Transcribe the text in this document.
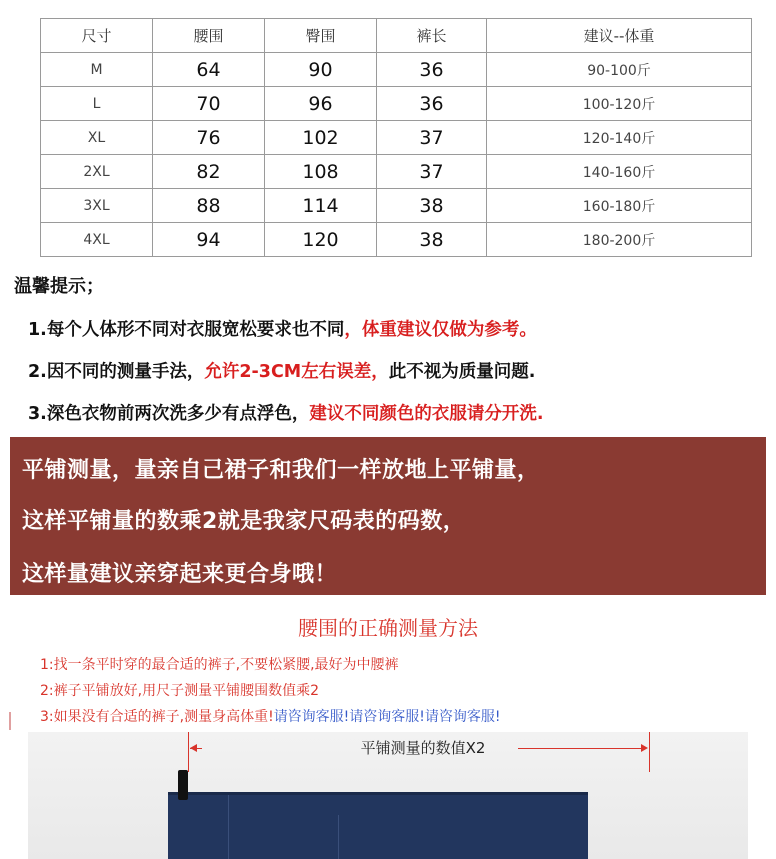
尺寸	腰围	臀围	裤长	建议--体重
M	64	90	36	90-100斤
L	70	96	36	100-120斤
XL	76	102	37	120-140斤
2XL	82	108	37	140-160斤
3XL	88	114	38	160-180斤
4XL	94	120	38	180-200斤
温馨提示；
1.每个人体形不同对衣服宽松要求也不同，体重建议仅做为参考。
2.因不同的测量手法，允许2-3CM左右误差，此不视为质量问题.
3.深色衣物前两次洗多少有点浮色，建议不同颜色的衣服请分开洗.
平铺测量，量亲自己裙子和我们一样放地上平铺量，
这样平铺量的数乘2就是我家尺码表的码数，
这样量建议亲穿起来更合身哦！
腰围的正确测量方法
1:找一条平时穿的最合适的裤子,不要松紧腰,最好为中腰裤
2:裤子平铺放好,用尺子测量平铺腰围数值乘2
3:如果没有合适的裤子,测量身高体重!请咨询客服!请咨询客服!请咨询客服!
平铺测量的数值X2
